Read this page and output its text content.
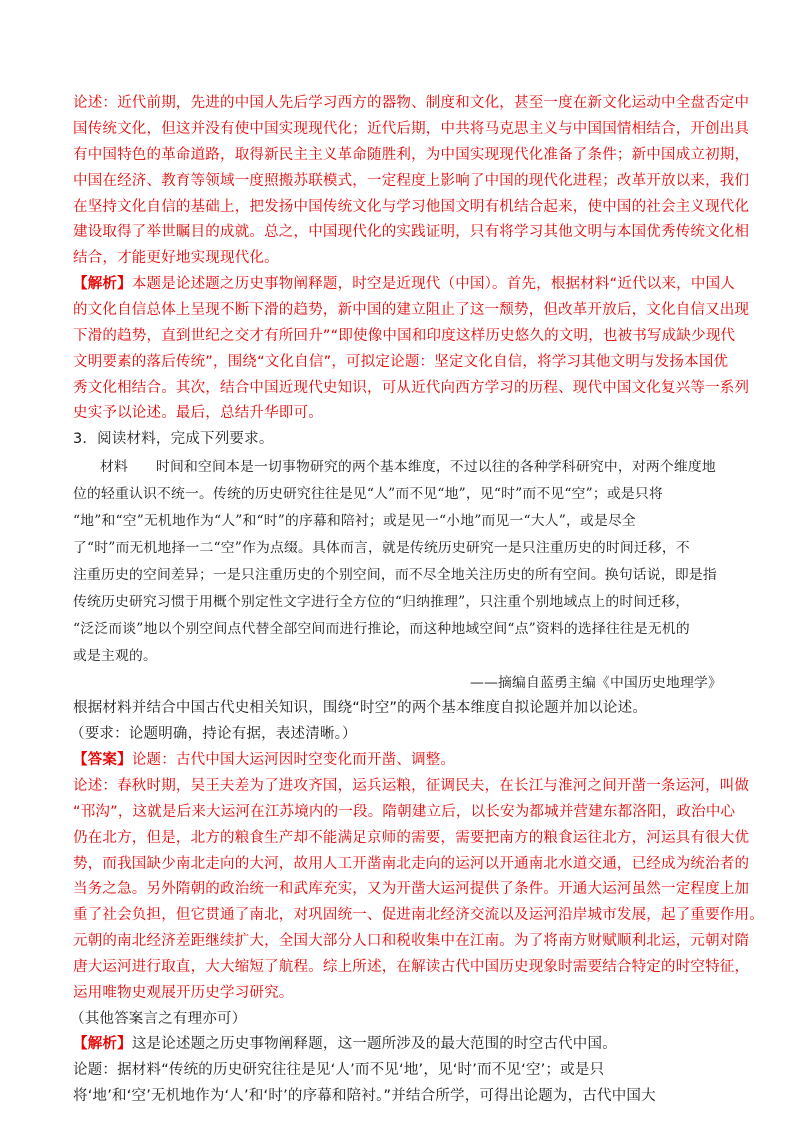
论述：近代前期，先进的中国人先后学习西方的器物、制度和文化，甚至一度在新文化运动中全盘否定中
国传统文化，但这并没有使中国实现现代化；近代后期，中共将马克思主义与中国国情相结合，开创出具
有中国特色的革命道路，取得新民主主义革命随胜利，为中国实现现代化准备了条件；新中国成立初期，
中国在经济、教育等领域一度照搬苏联模式，一定程度上影响了中国的现代化进程；改革开放以来，我们
在坚持文化自信的基础上，把发扬中国传统文化与学习他国文明有机结合起来，使中国的社会主义现代化
建设取得了举世瞩目的成就。总之，中国现代化的实践证明，只有将学习其他文明与本国优秀传统文化相
结合，才能更好地实现现代化。
【解析】本题是论述题之历史事物阐释题，时空是近现代（中国）。首先，根据材料“近代以来，中国人
的文化自信总体上呈现不断下滑的趋势，新中国的建立阻止了这一颓势，但改革开放后，文化自信又出现
下滑的趋势，直到世纪之交才有所回升”“即使像中国和印度这样历史悠久的文明，也被书写成缺少现代
文明要素的落后传统”，围绕“文化自信”，可拟定论题：坚定文化自信，将学习其他文明与发扬本国优
秀文化相结合。其次，结合中国近现代史知识，可从近代向西方学习的历程、现代中国文化复兴等一系列
史实予以论述。最后，总结升华即可。
3．阅读材料，完成下列要求。
材料　　时间和空间本是一切事物研究的两个基本维度，不过以往的各种学科研究中，对两个维度地
位的轻重认识不统一。传统的历史研究往往是见“人”而不见“地”，见“时”而不见“空”；或是只将
“地”和“空”无机地作为“人”和“时”的序幕和陪衬；或是见一“小地”而见一“大人”，或是尽全
了“时”而无机地择一二“空”作为点缀。具体而言，就是传统历史研究一是只注重历史的时间迁移，不
注重历史的空间差异；一是只注重历史的个别空间，而不尽全地关注历史的所有空间。换句话说，即是指
传统历史研究习惯于用概个别定性文字进行全方位的“归纳推理”，只注重个别地域点上的时间迁移，
“泛泛而谈”地以个别空间点代替全部空间而进行推论，而这种地域空间“点”资料的选择往往是无机的
或是主观的。
——摘编自蓝勇主编《中国历史地理学》
根据材料并结合中国古代史相关知识，围绕“时空”的两个基本维度自拟论题并加以论述。
（要求：论题明确，持论有据，表述清晰。）
【答案】论题：古代中国大运河因时空变化而开凿、调整。
论述：春秋时期，吴王夫差为了进攻齐国，运兵运粮，征调民夫，在长江与淮河之间开凿一条运河，叫做
“邗沟”，这就是后来大运河在江苏境内的一段。隋朝建立后，以长安为都城并营建东都洛阳，政治中心
仍在北方，但是，北方的粮食生产却不能满足京师的需要，需要把南方的粮食运往北方，河运具有很大优
势，而我国缺少南北走向的大河，故用人工开凿南北走向的运河以开通南北水道交通，已经成为统治者的
当务之急。另外隋朝的政治统一和武库充实，又为开凿大运河提供了条件。开通大运河虽然一定程度上加
重了社会负担，但它贯通了南北，对巩固统一、促进南北经济交流以及运河沿岸城市发展，起了重要作用。
元朝的南北经济差距继续扩大，全国大部分人口和税收集中在江南。为了将南方财赋顺利北运，元朝对隋
唐大运河进行取直，大大缩短了航程。综上所述，在解读古代中国历史现象时需要结合特定的时空特征，
运用唯物史观展开历史学习研究。
（其他答案言之有理亦可）
【解析】这是论述题之历史事物阐释题，这一题所涉及的最大范围的时空古代中国。
论题：据材料“传统的历史研究往往是见‘人’而不见‘地’，见‘时’而不见‘空’；或是只
将‘地’和‘空’无机地作为‘人’和‘时’的序幕和陪衬。”并结合所学，可得出论题为，古代中国大
